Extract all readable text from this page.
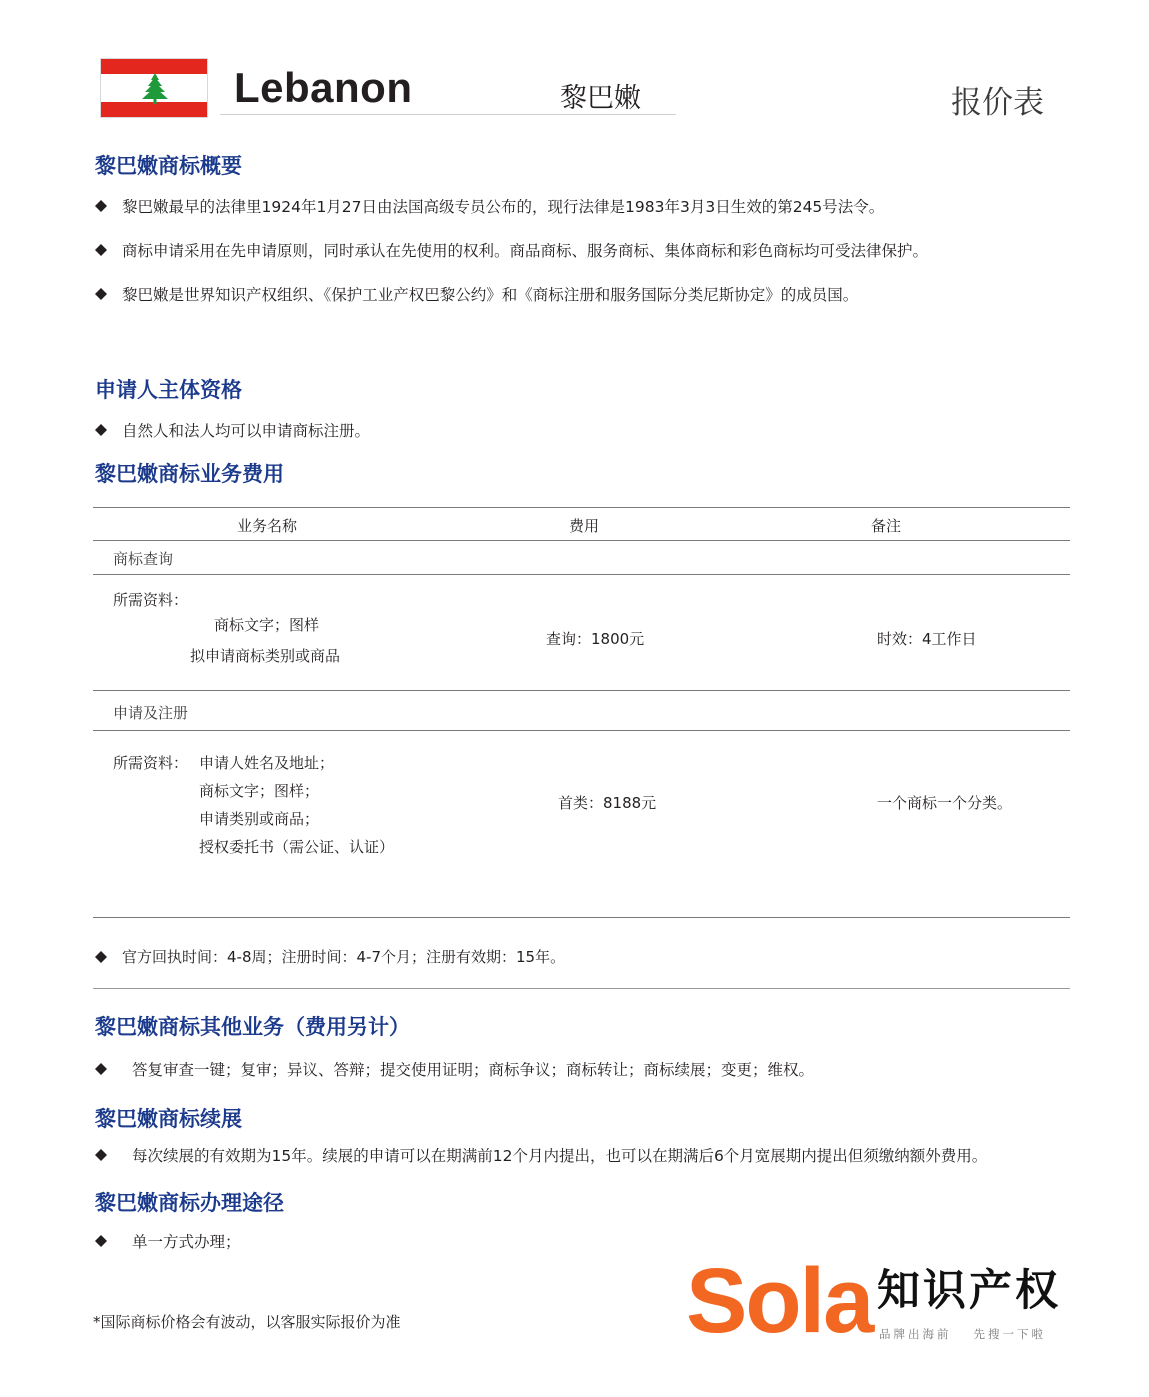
Lebanon	黎巴嫩	报价表
黎巴嫩商标概要
黎巴嫩最早的法律里1924年1月27日由法国高级专员公布的，现行法律是1983年3月3日生效的第245号法令。
商标申请采用在先申请原则，同时承认在先使用的权利。商品商标、服务商标、集体商标和彩色商标均可受法律保护。
黎巴嫩是世界知识产权组织、《保护工业产权巴黎公约》和《商标注册和服务国际分类尼斯协定》的成员国。
申请人主体资格
自然人和法人均可以申请商标注册。
黎巴嫩商标业务费用
业务名称	费用	备注
商标查询
所需资料：
商标文字；图样
拟申请商标类别或商品
查询：1800元	时效：4工作日
申请及注册
所需资料： 申请人姓名及地址；
商标文字；图样；
申请类别或商品；
授权委托书（需公证、认证）
首类：8188元	一个商标一个分类。
官方回执时间：4-8周；注册时间：4-7个月；注册有效期：15年。
黎巴嫩商标其他业务（费用另计）
答复审查一键；复审；异议、答辩；提交使用证明；商标争议；商标转让；商标续展；变更；维权。
黎巴嫩商标续展
每次续展的有效期为15年。续展的申请可以在期满前12个月内提出，也可以在期满后6个月宽展期内提出但须缴纳额外费用。
黎巴嫩商标办理途径
单一方式办理；
*国际商标价格会有波动，以客服实际报价为准	Sola 知识产权
品牌出海前 先搜一下啦
